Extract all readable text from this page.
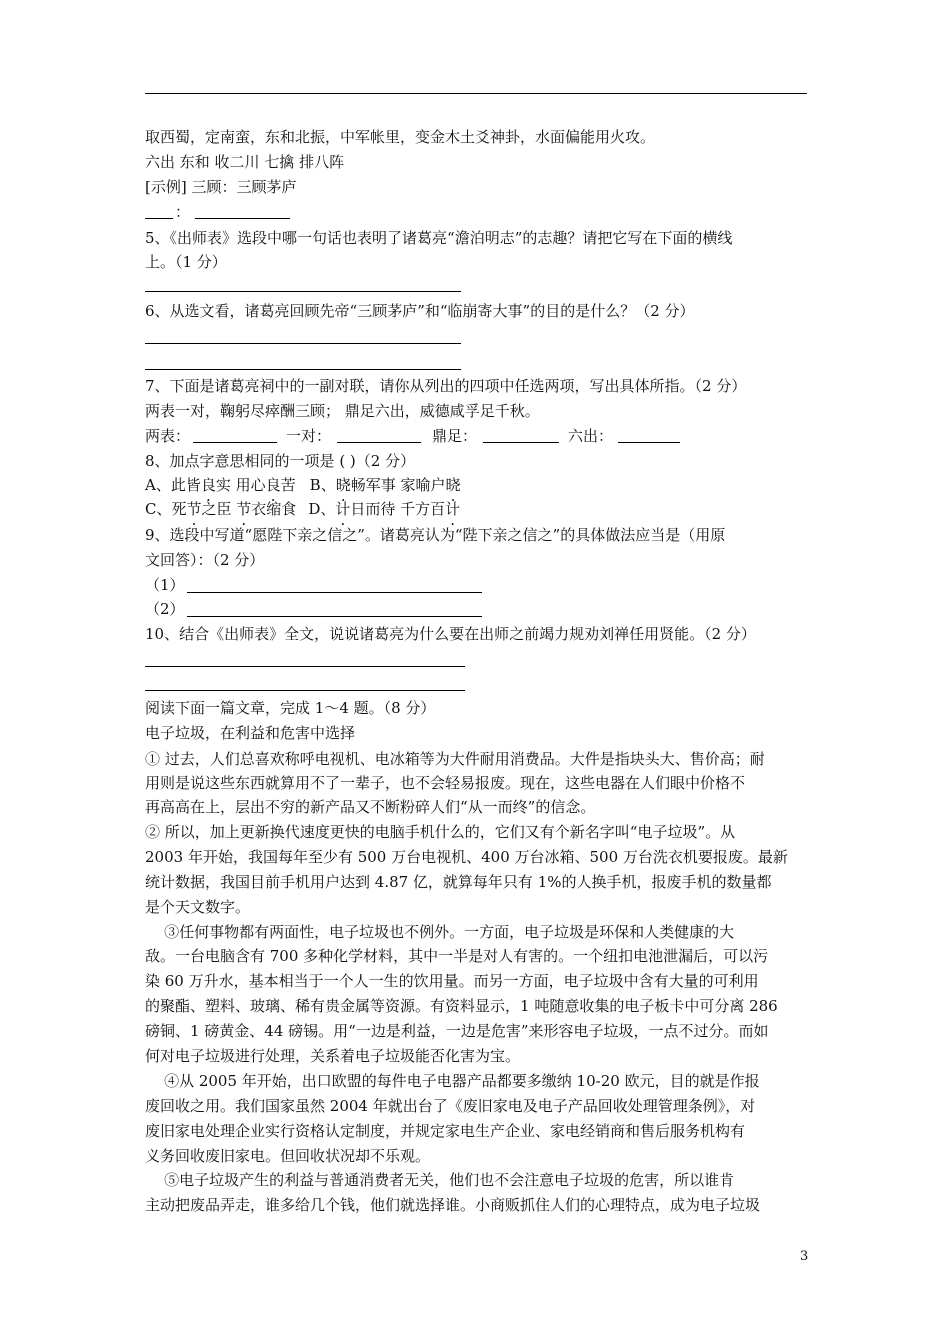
取西蜀，定南蛮，东和北振，中军帐里，变金木土爻神卦，水面偏能用火攻。
六出 东和 收二川 七擒 排八阵
[示例] 三顾：三顾茅庐
：
5、《出师表》选段中哪一句话也表明了诸葛亮“澹泊明志”的志趣？请把它写在下面的横线
上。（1 分）
6、从选文看，诸葛亮回顾先帝“三顾茅庐”和“临崩寄大事”的目的是什么？（2 分）
7、下面是诸葛亮祠中的一副对联，请你从列出的四项中任选两项，写出具体所指。（2 分）
两表一对，鞠躬尽瘁酬三顾； 鼎足六出，威德咸孚足千秋。
两表：	一对：	鼎足：	六出：
8、加点字意思相同的一项是 ( )（2 分）
A、此皆良实 用心良苦 B、晓畅军事 家喻户晓
C、死节之臣 节衣缩食 D、计日而待 千方百计
9、选段中写道“愿陛下亲之信之”。诸葛亮认为“陛下亲之信之”的具体做法应当是（用原
文回答）：（2 分）
（1）
（2）
10、结合《出师表》全文，说说诸葛亮为什么要在出师之前竭力规劝刘禅任用贤能。（2 分）
阅读下面一篇文章，完成 1～4 题。（8 分）
电子垃圾，在利益和危害中选择
① 过去，人们总喜欢称呼电视机、电冰箱等为大件耐用消费品。大件是指块头大、售价高；耐
用则是说这些东西就算用不了一辈子，也不会轻易报废。现在，这些电器在人们眼中价格不
再高高在上，层出不穷的新产品又不断粉碎人们“从一而终”的信念。
② 所以，加上更新换代速度更快的电脑手机什么的，它们又有个新名字叫“电子垃圾”。从
2003 年开始，我国每年至少有 500 万台电视机、400 万台冰箱、500 万台洗衣机要报废。最新
统计数据，我国目前手机用户达到 4.87 亿，就算每年只有 1%的人换手机，报废手机的数量都
是个天文数字。
③任何事物都有两面性，电子垃圾也不例外。一方面，电子垃圾是环保和人类健康的大
敌。一台电脑含有 700 多种化学材料，其中一半是对人有害的。一个纽扣电池泄漏后，可以污
染 60 万升水，基本相当于一个人一生的饮用量。而另一方面，电子垃圾中含有大量的可利用
的聚酯、塑料、玻璃、稀有贵金属等资源。有资料显示，1 吨随意收集的电子板卡中可分离 286
磅铜、1 磅黄金、44 磅锡。用“一边是利益，一边是危害”来形容电子垃圾，一点不过分。而如
何对电子垃圾进行处理，关系着电子垃圾能否化害为宝。
④从 2005 年开始，出口欧盟的每件电子电器产品都要多缴纳 10-20 欧元，目的就是作报
废回收之用。我们国家虽然 2004 年就出台了《废旧家电及电子产品回收处理管理条例》，对
废旧家电处理企业实行资格认定制度，并规定家电生产企业、家电经销商和售后服务机构有
义务回收废旧家电。但回收状况却不乐观。
⑤电子垃圾产生的利益与普通消费者无关，他们也不会注意电子垃圾的危害，所以谁肯
主动把废品弄走，谁多给几个钱，他们就选择谁。小商贩抓住人们的心理特点，成为电子垃圾
3
